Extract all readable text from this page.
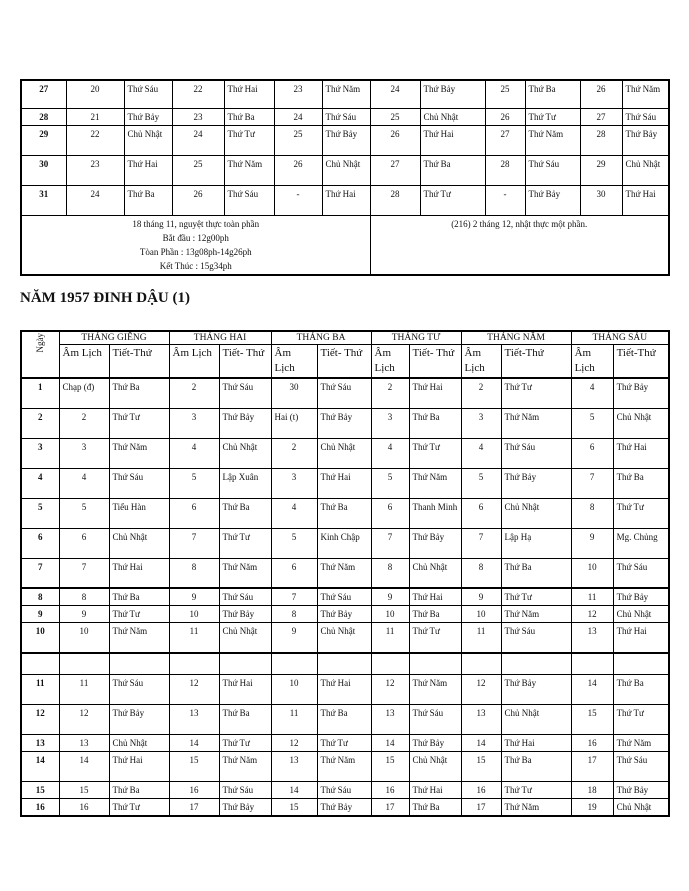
27	20	Thứ Sáu	22	Thứ Hai	23	Thứ Năm	24	Thứ Bảy	25	Thứ Ba	26	Thứ Năm
28	21	Thứ Bảy	23	Thứ Ba	24	Thứ Sáu	25	Chủ Nhật	26	Thứ Tư	27	Thứ Sáu
29	22	Chủ Nhật	24	Thứ Tư	25	Thứ Bảy	26	Thứ Hai	27	Thứ Năm	28	Thứ Bảy
30	23	Thứ Hai	25	Thứ Năm	26	Chủ Nhật	27	Thứ Ba	28	Thứ Sáu	29	Chủ Nhật
31	24	Thứ Ba	26	Thứ Sáu	-	Thứ Hai	28	Thứ Tư	-	Thứ Bảy	30	Thứ Hai

18 tháng 11, nguyệt thực toàn phần
Bắt đầu : 12g00ph
Tòan Phần : 13g08ph-14g26ph
Kết Thúc : 15g34ph							(216) 2 tháng 12, nhật thực một phần.					
NĂM 1957 ĐINH DẬU (1)
Ngày	THÁNG GIÊNG		THÁNG HAI		THÁNG BA		THÁNG TƯ		THÁNG NĂM		THÁNG SÁU	
	Âm Lịch	Tiết-Thứ	Âm Lịch	Tiết- Thứ	Âm Lịch	Tiết- Thứ	Âm Lịch	Tiết- Thứ	Âm Lịch	Tiết-Thứ	Âm Lịch	Tiết-Thứ
1	Chạp (đ)	Thứ Ba	2	Thứ Sáu	30	Thứ Sáu	2	Thứ Hai	2	Thứ Tư	4	Thứ Bảy
2	2	Thứ Tư	3	Thứ Bảy	Hai (t)	Thứ Bảy	3	Thứ Ba	3	Thứ Năm	5	Chủ Nhật
3	3	Thứ Năm	4	Chủ Nhật	2	Chủ Nhật	4	Thứ Tư	4	Thứ Sáu	6	Thứ Hai
4	4	Thứ Sáu	5	Lập Xuân	3	Thứ Hai	5	Thứ Năm	5	Thứ Bảy	7	Thứ Ba
5	5	Tiểu Hàn	6	Thứ Ba	4	Thứ Ba	6	Thanh Minh	6	Chủ Nhật	8	Thứ Tư
6	6	Chủ Nhật	7	Thứ Tư	5	Kinh Chập	7	Thứ Bảy	7	Lập Hạ	9	Mg. Chủng
7	7	Thứ Hai	8	Thứ Năm	6	Thứ Năm	8	Chủ Nhật	8	Thứ Ba	10	Thứ Sáu
8	8	Thứ Ba	9	Thứ Sáu	7	Thứ Sáu	9	Thứ Hai	9	Thứ Tư	11	Thứ Bảy
9	9	Thứ Tư	10	Thứ Bảy	8	Thứ Bảy	10	Thứ Ba	10	Thứ Năm	12	Chủ Nhật
10	10	Thứ Năm	11	Chủ Nhật	9	Chủ Nhật	11	Thứ Tư	11	Thứ Sáu	13	Thứ Hai

11	11	Thứ Sáu	12	Thứ Hai	10	Thứ Hai	12	Thứ Năm	12	Thứ Bảy	14	Thứ Ba
12	12	Thứ Bảy	13	Thứ Ba	11	Thứ Ba	13	Thứ Sáu	13	Chủ Nhật	15	Thứ Tư
13	13	Chủ Nhật	14	Thứ Tư	12	Thứ Tư	14	Thứ Bảy	14	Thứ Hai	16	Thứ Năm
14	14	Thứ Hai	15	Thứ Năm	13	Thứ Năm	15	Chủ Nhật	15	Thứ Ba	17	Thứ Sáu
15	15	Thứ Ba	16	Thứ Sáu	14	Thứ Sáu	16	Thứ Hai	16	Thứ Tư	18	Thứ Bảy
16	16	Thứ Tư	17	Thứ Bảy	15	Thứ Bảy	17	Thứ Ba	17	Thứ Năm	19	Chủ Nhật
